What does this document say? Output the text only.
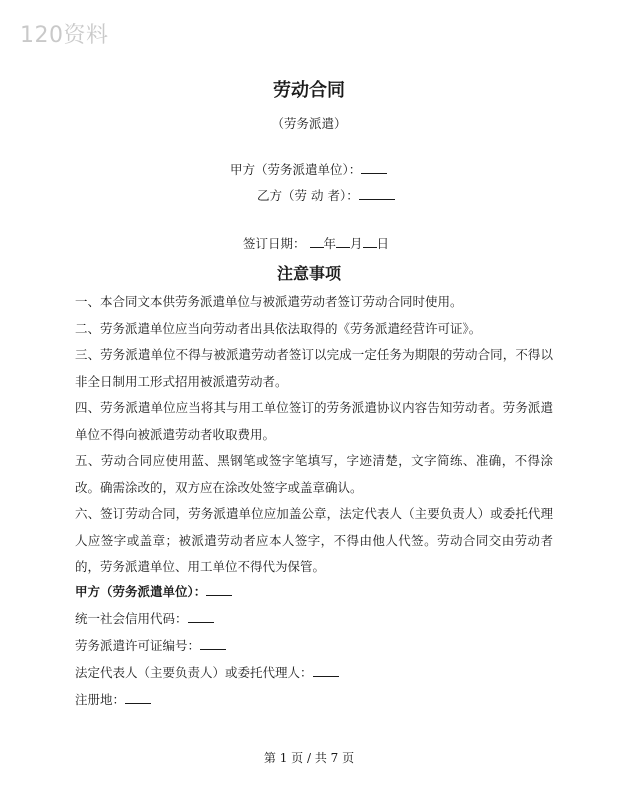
120资料
劳动合同
（劳务派遣）
甲方（劳务派遣单位）：
乙方（劳 动 者）：
签订日期： 年 月 日
注意事项

一、本合同文本供劳务派遣单位与被派遣劳动者签订劳动合同时使用。

二、劳务派遣单位应当向劳动者出具依法取得的《劳务派遣经营许可证》。

三、劳务派遣单位不得与被派遣劳动者签订以完成一定任务为期限的劳动合同，不得以非全日制用工形式招用被派遣劳动者。

四、劳务派遣单位应当将其与用工单位签订的劳务派遣协议内容告知劳动者。劳务派遣单位不得向被派遣劳动者收取费用。

五、劳动合同应使用蓝、黑钢笔或签字笔填写，字迹清楚，文字简练、准确，不得涂改。确需涂改的，双方应在涂改处签字或盖章确认。

六、签订劳动合同，劳务派遣单位应加盖公章，法定代表人（主要负责人）或委托代理人应签字或盖章；被派遣劳动者应本人签字，不得由他人代签。劳动合同交由劳动者的，劳务派遣单位、用工单位不得代为保管。

甲方（劳务派遣单位）：

统一社会信用代码：

劳务派遣许可证编号：

法定代表人（主要负责人）或委托代理人：

注册地：

第 1 页 / 共 7 页
